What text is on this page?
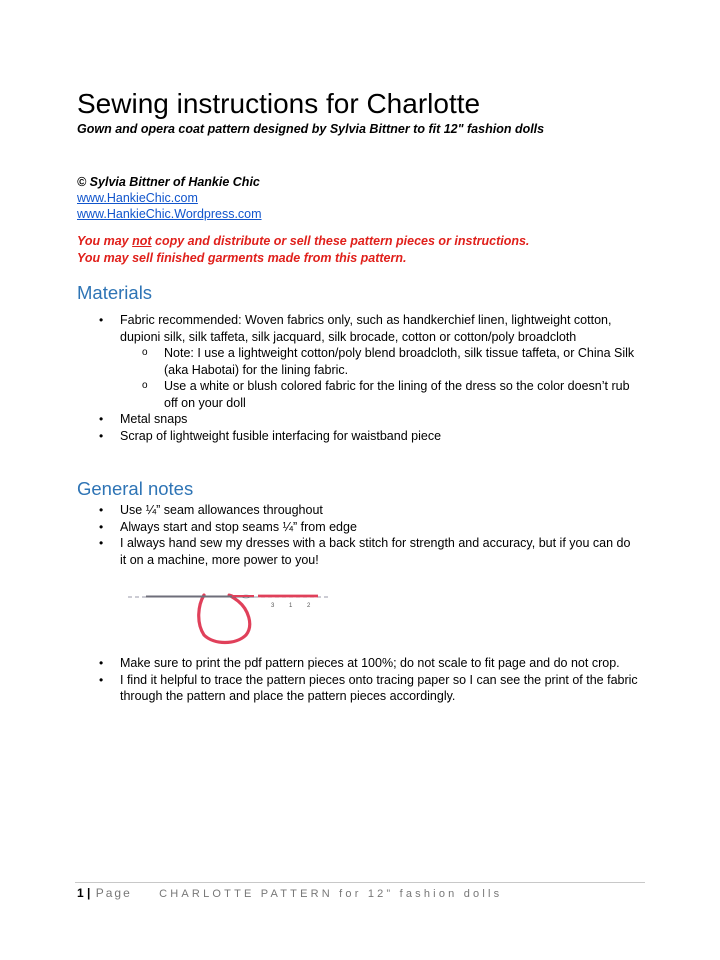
Sewing instructions for Charlotte
Gown and opera coat pattern designed by Sylvia Bittner to fit 12" fashion dolls
© Sylvia Bittner of Hankie Chic
www.HankieChic.com
www.HankieChic.Wordpress.com
You may not copy and distribute or sell these pattern pieces or instructions.
You may sell finished garments made from this pattern.
Materials
• Fabric recommended: Woven fabrics only, such as handkerchief linen, lightweight cotton, dupioni silk, silk taffeta, silk jacquard, silk brocade, cotton or cotton/poly broadcloth
o Note: I use a lightweight cotton/poly blend broadcloth, silk tissue taffeta, or China Silk (aka Habotai) for the lining fabric.
o Use a white or blush colored fabric for the lining of the dress so the color doesn’t rub off on your doll
• Metal snaps
• Scrap of lightweight fusible interfacing for waistband piece
General notes
• Use ¼” seam allowances throughout
• Always start and stop seams ¼” from edge
• I always hand sew my dresses with a back stitch for strength and accuracy, but if you can do it on a machine, more power to you!
3 1 2
• Make sure to print the pdf pattern pieces at 100%; do not scale to fit page and do not crop.
• I find it helpful to trace the pattern pieces onto tracing paper so I can see the print of the fabric through the pattern and place the pattern pieces accordingly.
1 | Page CHARLOTTE PATTERN for 12” fashion dolls
